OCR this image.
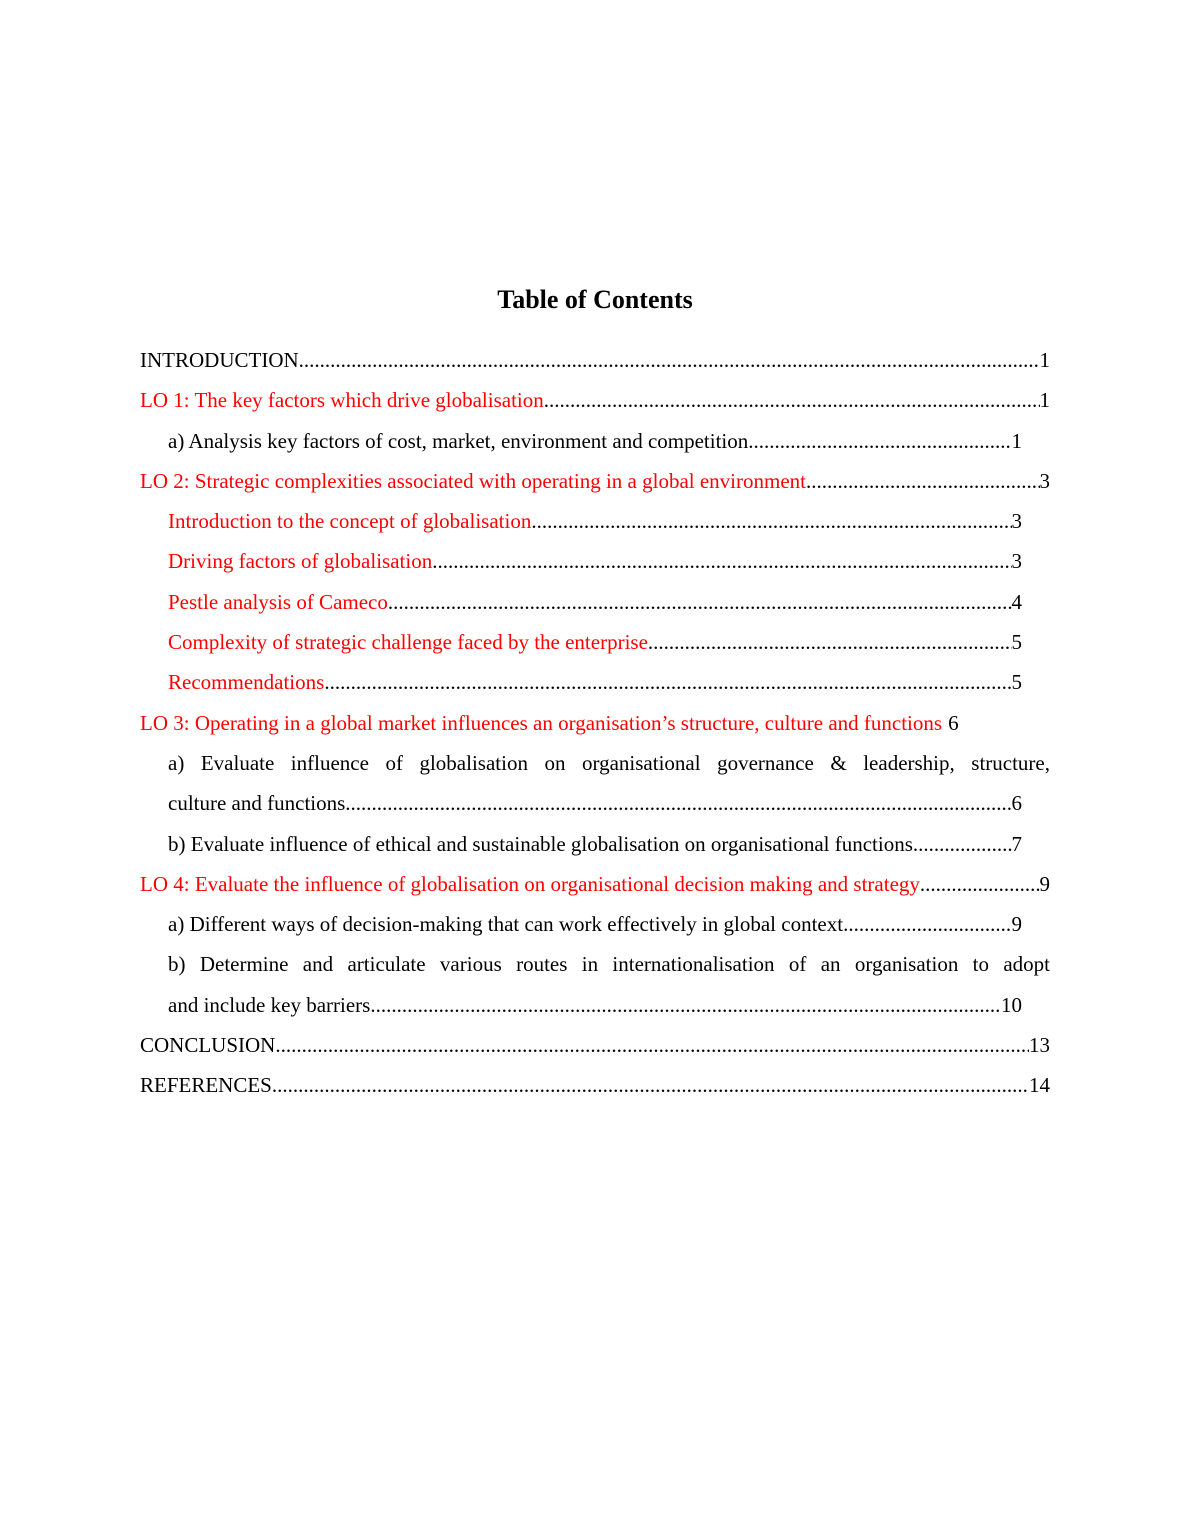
Table of Contents
INTRODUCTION .....	1
LO 1: The key factors which drive globalisation .....	1
a) Analysis key factors of cost, market, environment and competition .....	1
LO 2: Strategic complexities associated with operating in a global environment .....	3
Introduction to the concept of globalisation .....	3
Driving factors of globalisation .....	3
Pestle analysis of Cameco .....	4
Complexity of strategic challenge faced by the enterprise .....	5
Recommendations .....	5
LO 3: Operating in a global market influences an organisation’s structure, culture and functions 6
a) Evaluate influence of globalisation on organisational governance & leadership, structure,
culture and functions .....	6
b) Evaluate influence of ethical and sustainable globalisation on organisational functions. .....	7
LO 4: Evaluate the influence of globalisation on organisational decision making and strategy .....	9
a) Different ways of decision-making that can work effectively in global context .....	9
b) Determine and articulate various routes in internationalisation of an organisation to adopt
and include key barriers .....	10
CONCLUSION .....	13
REFERENCES .....	14
